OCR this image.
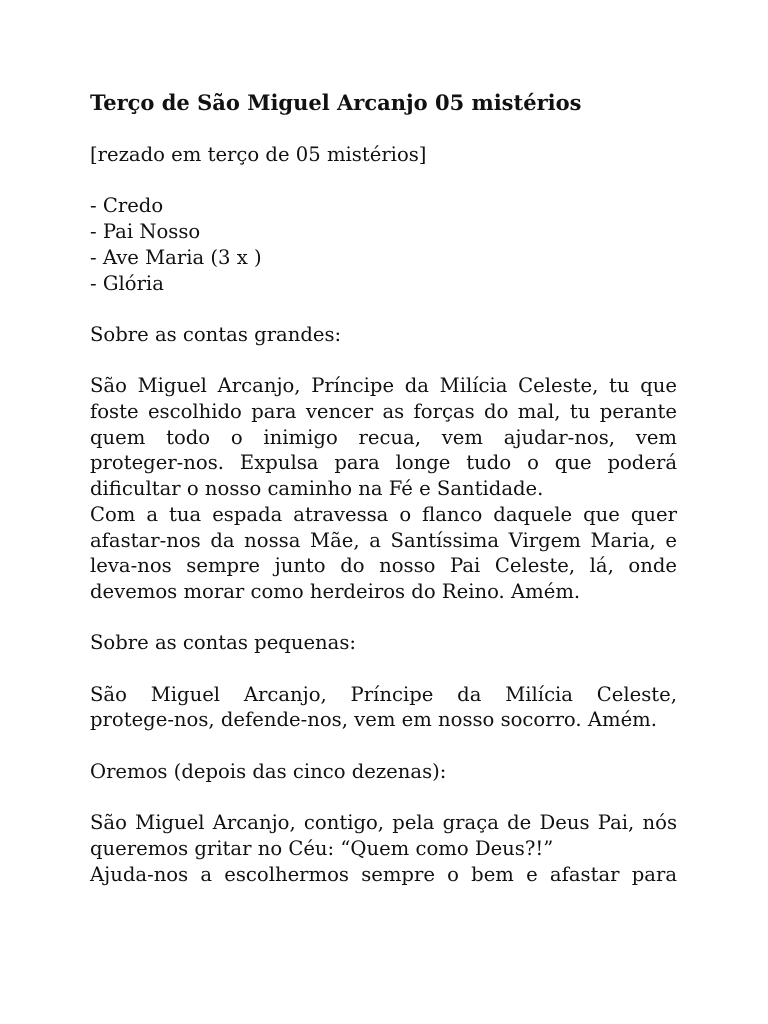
Terço de São Miguel Arcanjo 05 mistérios
[rezado em terço de 05 mistérios]
- Credo
- Pai Nosso
- Ave Maria (3 x )
- Glória
Sobre as contas grandes:
São Miguel Arcanjo, Príncipe da Milícia Celeste, tu que
foste escolhido para vencer as forças do mal, tu perante
quem todo o inimigo recua, vem ajudar-nos, vem
proteger-nos. Expulsa para longe tudo o que poderá
dificultar o nosso caminho na Fé e Santidade.
Com a tua espada atravessa o flanco daquele que quer
afastar-nos da nossa Mãe, a Santíssima Virgem Maria, e
leva-nos sempre junto do nosso Pai Celeste, lá, onde
devemos morar como herdeiros do Reino. Amém.
Sobre as contas pequenas:
São Miguel Arcanjo, Príncipe da Milícia Celeste,
protege-nos, defende-nos, vem em nosso socorro. Amém.
Oremos (depois das cinco dezenas):
São Miguel Arcanjo, contigo, pela graça de Deus Pai, nós
queremos gritar no Céu: “Quem como Deus?!”
Ajuda-nos a escolhermos sempre o bem e afastar para
